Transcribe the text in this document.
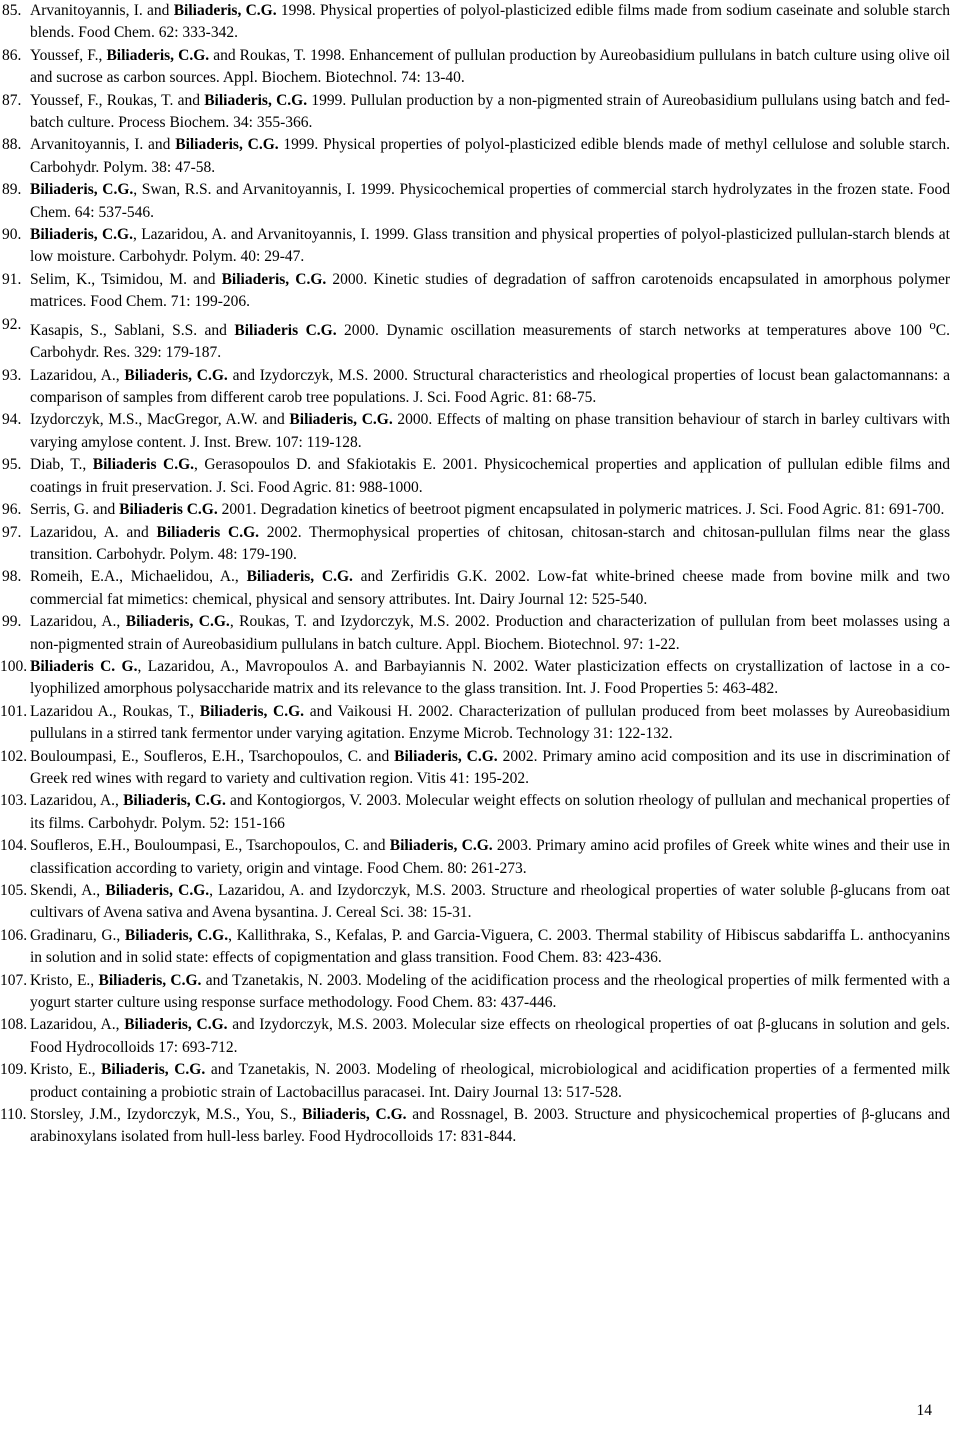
85. Arvanitoyannis, I. and Biliaderis, C.G. 1998. Physical properties of polyol-plasticized edible films made from sodium caseinate and soluble starch blends. Food Chem. 62: 333-342.
86. Youssef, F., Biliaderis, C.G. and Roukas, T. 1998. Enhancement of pullulan production by Aureobasidium pullulans in batch culture using olive oil and sucrose as carbon sources. Appl. Biochem. Biotechnol. 74: 13-40.
87. Youssef, F., Roukas, T. and Biliaderis, C.G. 1999. Pullulan production by a non-pigmented strain of Aureobasidium pullulans using batch and fed-batch culture. Process Biochem. 34: 355-366.
88. Arvanitoyannis, I. and Biliaderis, C.G. 1999. Physical properties of polyol-plasticized edible blends made of methyl cellulose and soluble starch. Carbohydr. Polym. 38: 47-58.
89. Biliaderis, C.G., Swan, R.S. and Arvanitoyannis, I. 1999. Physicochemical properties of commercial starch hydrolyzates in the frozen state. Food Chem. 64: 537-546.
90. Biliaderis, C.G., Lazaridou, A. and Arvanitoyannis, I. 1999. Glass transition and physical properties of polyol-plasticized pullulan-starch blends at low moisture. Carbohydr. Polym. 40: 29-47.
91. Selim, K., Tsimidou, M. and Biliaderis, C.G. 2000. Kinetic studies of degradation of saffron carotenoids encapsulated in amorphous polymer matrices. Food Chem. 71: 199-206.
92. Kasapis, S., Sablani, S.S. and Biliaderis C.G. 2000. Dynamic oscillation measurements of starch networks at temperatures above 100 $^o$C. Carbohydr. Res. 329: 179-187.
93. Lazaridou, A., Biliaderis, C.G. and Izydorczyk, M.S. 2000. Structural characteristics and rheological properties of locust bean galactomannans: a comparison of samples from different carob tree populations. J. Sci. Food Agric. 81: 68-75.
94. Izydorczyk, M.S., MacGregor, A.W. and Biliaderis, C.G. 2000. Effects of malting on phase transition behaviour of starch in barley cultivars with varying amylose content. J. Inst. Brew. 107: 119-128.
95. Diab, T., Biliaderis C.G., Gerasopoulos D. and Sfakiotakis E. 2001. Physicochemical properties and application of pullulan edible films and coatings in fruit preservation. J. Sci. Food Agric. 81: 988-1000.
96. Serris, G. and Biliaderis C.G. 2001. Degradation kinetics of beetroot pigment encapsulated in polymeric matrices. J. Sci. Food Agric. 81: 691-700.
97. Lazaridou, A. and Biliaderis C.G. 2002. Thermophysical properties of chitosan, chitosan-starch and chitosan-pullulan films near the glass transition. Carbohydr. Polym. 48: 179-190.
98. Romeih, E.A., Michaelidou, A., Biliaderis, C.G. and Zerfiridis G.K. 2002. Low-fat white-brined cheese made from bovine milk and two commercial fat mimetics: chemical, physical and sensory attributes. Int. Dairy Journal 12: 525-540.
99. Lazaridou, A., Biliaderis, C.G., Roukas, T. and Izydorczyk, M.S. 2002. Production and characterization of pullulan from beet molasses using a non-pigmented strain of Aureobasidium pullulans in batch culture. Appl. Biochem. Biotechnol. 97: 1-22.
100. Biliaderis C. G., Lazaridou, A., Mavropoulos A. and Barbayiannis N. 2002. Water plasticization effects on crystallization of lactose in a co-lyophilized amorphous polysaccharide matrix and its relevance to the glass transition. Int. J. Food Properties 5: 463-482.
101. Lazaridou A., Roukas, T., Biliaderis, C.G. and Vaikousi H. 2002. Characterization of pullulan produced from beet molasses by Aureobasidium pullulans in a stirred tank fermentor under varying agitation. Enzyme Microb. Technology 31: 122-132.
102. Bouloumpasi, E., Soufleros, E.H., Tsarchopoulos, C. and Biliaderis, C.G. 2002. Primary amino acid composition and its use in discrimination of Greek red wines with regard to variety and cultivation region. Vitis 41: 195-202.
103. Lazaridou, A., Biliaderis, C.G. and Kontogiorgos, V. 2003. Molecular weight effects on solution rheology of pullulan and mechanical properties of its films. Carbohydr. Polym. 52: 151-166
104. Soufleros, E.H., Bouloumpasi, E., Tsarchopoulos, C. and Biliaderis, C.G. 2003. Primary amino acid profiles of Greek white wines and their use in classification according to variety, origin and vintage. Food Chem. 80: 261-273.
105. Skendi, A., Biliaderis, C.G., Lazaridou, A. and Izydorczyk, M.S. 2003. Structure and rheological properties of water soluble β-glucans from oat cultivars of Avena sativa and Avena bysantina. J. Cereal Sci. 38: 15-31.
106. Gradinaru, G., Biliaderis, C.G., Kallithraka, S., Kefalas, P. and Garcia-Viguera, C. 2003. Thermal stability of Hibiscus sabdariffa L. anthocyanins in solution and in solid state: effects of copigmentation and glass transition. Food Chem. 83: 423-436.
107. Kristo, E., Biliaderis, C.G. and Tzanetakis, N. 2003. Modeling of the acidification process and the rheological properties of milk fermented with a yogurt starter culture using response surface methodology. Food Chem. 83: 437-446.
108. Lazaridou, A., Biliaderis, C.G. and Izydorczyk, M.S. 2003. Molecular size effects on rheological properties of oat β-glucans in solution and gels. Food Hydrocolloids 17: 693-712.
109. Kristo, E., Biliaderis, C.G. and Tzanetakis, N. 2003. Modeling of rheological, microbiological and acidification properties of a fermented milk product containing a probiotic strain of Lactobacillus paracasei. Int. Dairy Journal 13: 517-528.
110. Storsley, J.M., Izydorczyk, M.S., You, S., Biliaderis, C.G. and Rossnagel, B. 2003. Structure and physicochemical properties of β-glucans and arabinoxylans isolated from hull-less barley. Food Hydrocolloids 17: 831-844.
14
